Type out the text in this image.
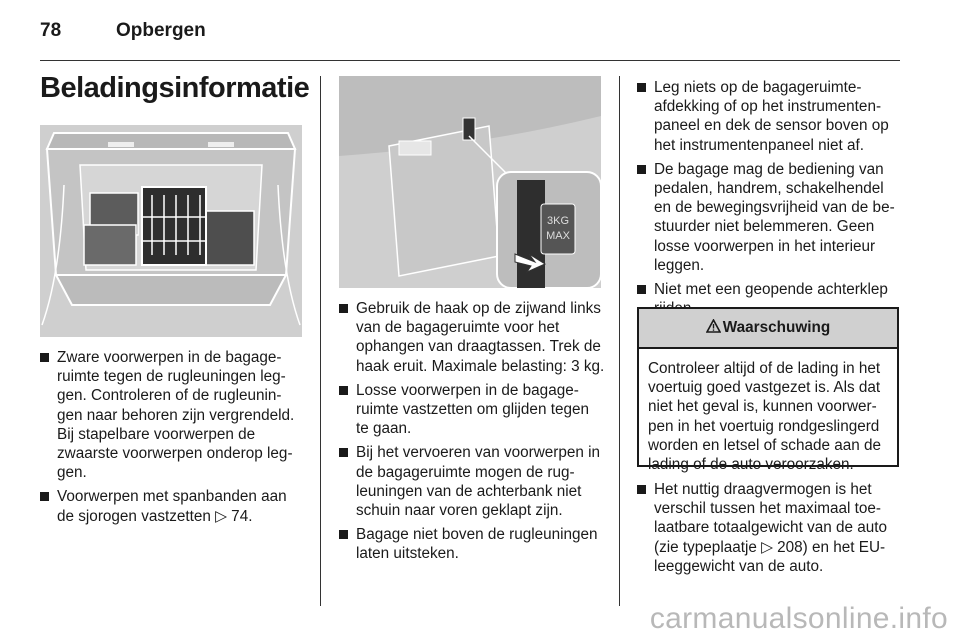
78	Opbergen
Beladingsinformatie
3KG
MAX
Zware voorwerpen in de bagage-ruimte tegen de rugleuningen leg-gen. Controleren of de rugleunin-gen naar behoren zijn vergrendeld. Bij stapelbare voorwerpen de zwaarste voorwerpen onderop leg-gen.
Voorwerpen met spanbanden aan de sjorogen vastzetten ▷ 74.
Gebruik de haak op de zijwand links van de bagageruimte voor het ophangen van draagtassen. Trek de haak eruit. Maximale belasting: 3 kg.
Losse voorwerpen in de bagage-ruimte vastzetten om glijden tegen te gaan.
Bij het vervoeren van voorwerpen in de bagageruimte mogen de rug-leuningen van de achterbank niet schuin naar voren geklapt zijn.
Bagage niet boven de rugleuningen laten uitsteken.
Leg niets op de bagageruimte-afdekking of op het instrumenten-paneel en dek de sensor boven op het instrumentenpaneel niet af.
De bagage mag de bediening van pedalen, handrem, schakelhendel en de bewegingsvrijheid van de be-stuurder niet belemmeren. Geen losse voorwerpen in het interieur leggen.
Niet met een geopende achterklep
Waarschuwing
Controleer altijd of de lading in het voertuig goed vastgezet is. Als dat niet het geval is, kunnen voorwer-pen in het voertuig rondgeslingerd worden en letsel of schade aan de lading of de auto veroorzaken.
Het nuttig draagvermogen is het verschil tussen het maximaal toe-laatbare totaalgewicht van de auto (zie typeplaatje ▷ 208) en het EU-leeggewicht van de auto.
carmanualsonline.info
